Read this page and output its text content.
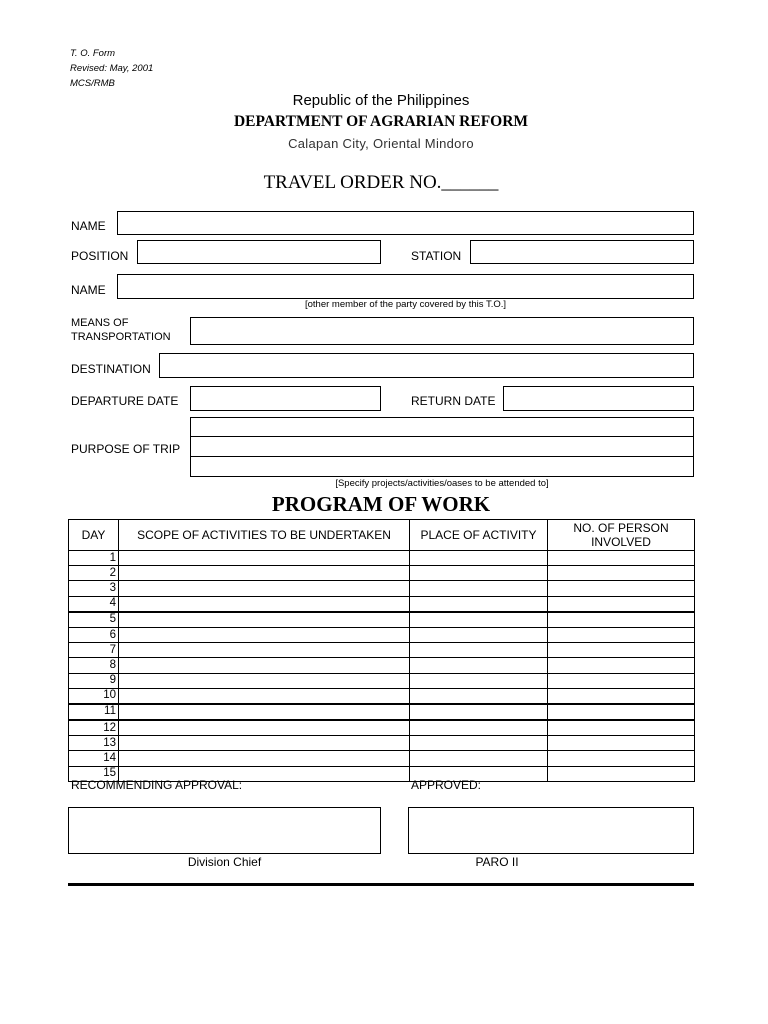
T. O. Form
Revised: May, 2001
MCS/RMB
Republic of the Philippines
DEPARTMENT OF AGRARIAN REFORM
Calapan City, Oriental Mindoro
TRAVEL ORDER NO.______
NAME
POSITION	STATION
NAME
[other member of the party covered by this T.O.]
MEANS OF
TRANSPORTATION
DESTINATION
DEPARTURE DATE	RETURN DATE
PURPOSE OF TRIP
[Specify projects/activities/oases to be attended to]
PROGRAM OF WORK
DAY	SCOPE OF ACTIVITIES TO BE UNDERTAKEN	PLACE OF ACTIVITY	NO. OF PERSON INVOLVED
1			
2			
3			
4			
5			
6			
7			
8			
9			
10			
11			
12			
13			
14			
15			
RECOMMENDING APPROVAL:	APPROVED:
Division Chief	PARO II
